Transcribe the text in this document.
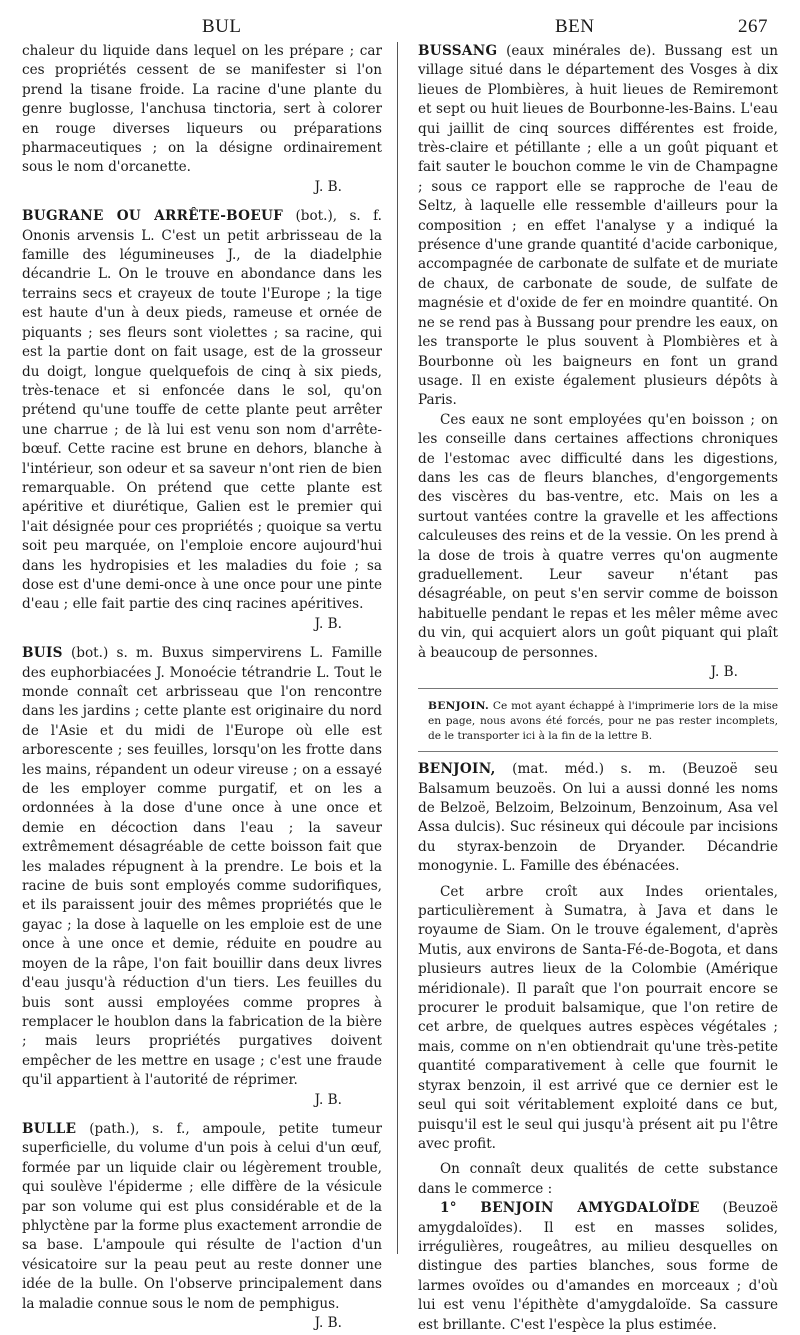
BUL	BEN	267

chaleur du liquide dans lequel on les prépare ; car ces propriétés cessent de se manifester si l'on prend la tisane froide. La racine d'une plante du genre buglosse, l'anchusa tinctoria, sert à colorer en rouge diverses liqueurs ou préparations pharmaceutiques ; on la désigne ordinairement sous le nom d'orcanette.
J. B.

BUGRANE OU ARRÊTE-BOEUF (bot.), s. f. Ononis arvensis L. C'est un petit arbrisseau de la famille des légumineuses J., de la diadelphie décandrie L. On le trouve en abondance dans les terrains secs et crayeux de toute l'Europe ; la tige est haute d'un à deux pieds, rameuse et ornée de piquants ; ses fleurs sont violettes ; sa racine, qui est la partie dont on fait usage, est de la grosseur du doigt, longue quelquefois de cinq à six pieds, très-tenace et si enfoncée dans le sol, qu'on prétend qu'une touffe de cette plante peut arrêter une charrue ; de là lui est venu son nom d'arrête-bœuf. Cette racine est brune en dehors, blanche à l'intérieur, son odeur et sa saveur n'ont rien de bien remarquable. On prétend que cette plante est apéritive et diurétique, Galien est le premier qui l'ait désignée pour ces propriétés ; quoique sa vertu soit peu marquée, on l'emploie encore aujourd'hui dans les hydropisies et les maladies du foie ; sa dose est d'une demi-once à une once pour une pinte d'eau ; elle fait partie des cinq racines apéritives.
J. B.

BUIS (bot.) s. m. Buxus simpervirens L. Famille des euphorbiacées J. Monoécie tétrandrie L. Tout le monde connaît cet arbrisseau que l'on rencontre dans les jardins ; cette plante est originaire du nord de l'Asie et du midi de l'Europe où elle est arborescente ; ses feuilles, lorsqu'on les frotte dans les mains, répandent un odeur vireuse ; on a essayé de les employer comme purgatif, et on les a ordonnées à la dose d'une once à une once et demie en décoction dans l'eau ; la saveur extrêmement désagréable de cette boisson fait que les malades répugnent à la prendre. Le bois et la racine de buis sont employés comme sudorifiques, et ils paraissent jouir des mêmes propriétés que le gayac ; la dose à laquelle on les emploie est de une once à une once et demie, réduite en poudre au moyen de la râpe, l'on fait bouillir dans deux livres d'eau jusqu'à réduction d'un tiers. Les feuilles du buis sont aussi employées comme propres à remplacer le houblon dans la fabrication de la bière ; mais leurs propriétés purgatives doivent empêcher de les mettre en usage ; c'est une fraude qu'il appartient à l'autorité de réprimer.
J. B.

BULLE (path.), s. f., ampoule, petite tumeur superficielle, du volume d'un pois à celui d'un œuf, formée par un liquide clair ou légèrement trouble, qui soulève l'épiderme ; elle diffère de la vésicule par son volume qui est plus considérable et de la phlyctène par la forme plus exactement arrondie de sa base. L'ampoule qui résulte de l'action d'un vésicatoire sur la peau peut au reste donner une idée de la bulle. On l'observe principalement dans la maladie connue sous le nom de pemphigus.
J. B.

BUSSANG (eaux minérales de). Bussang est un village situé dans le département des Vosges à dix lieues de Plombières, à huit lieues de Remiremont et sept ou huit lieues de Bourbonne-les-Bains. L'eau qui jaillit de cinq sources différentes est froide, très-claire et pétillante ; elle a un goût piquant et fait sauter le bouchon comme le vin de Champagne ; sous ce rapport elle se rapproche de l'eau de Seltz, à laquelle elle ressemble d'ailleurs pour la composition ; en effet l'analyse y a indiqué la présence d'une grande quantité d'acide carbonique, accompagnée de carbonate de sulfate et de muriate de chaux, de carbonate de soude, de sulfate de magnésie et d'oxide de fer en moindre quantité. On ne se rend pas à Bussang pour prendre les eaux, on les transporte le plus souvent à Plombières et à Bourbonne où les baigneurs en font un grand usage. Il en existe également plusieurs dépôts à Paris.

Ces eaux ne sont employées qu'en boisson ; on les conseille dans certaines affections chroniques de l'estomac avec difficulté dans les digestions, dans les cas de fleurs blanches, d'engorgements des viscères du bas-ventre, etc. Mais on les a surtout vantées contre la gravelle et les affections calculeuses des reins et de la vessie. On les prend à la dose de trois à quatre verres qu'on augmente graduellement. Leur saveur n'étant pas désagréable, on peut s'en servir comme de boisson habituelle pendant le repas et les mêler même avec du vin, qui acquiert alors un goût piquant qui plaît à beaucoup de personnes.
J. B.

BENJOIN. Ce mot ayant échappé à l'imprimerie lors de la mise en page, nous avons été forcés, pour ne pas rester incomplets, de le transporter ici à la fin de la lettre B.

BENJOIN, (mat. méd.) s. m. (Beuzoë seu Balsamum beuzoës. On lui a aussi donné les noms de Belzoë, Belzoim, Belzoinum, Benzoinum, Asa vel Assa dulcis). Suc résineux qui découle par incisions du styrax-benzoin de Dryander. Décandrie monogynie. L. Famille des ébénacées.

Cet arbre croît aux Indes orientales, particulièrement à Sumatra, à Java et dans le royaume de Siam. On le trouve également, d'après Mutis, aux environs de Santa-Fé-de-Bogota, et dans plusieurs autres lieux de la Colombie (Amérique méridionale). Il paraît que l'on pourrait encore se procurer le produit balsamique, que l'on retire de cet arbre, de quelques autres espèces végétales ; mais, comme on n'en obtiendrait qu'une très-petite quantité comparativement à celle que fournit le styrax benzoin, il est arrivé que ce dernier est le seul qui soit véritablement exploité dans ce but, puisqu'il est le seul qui jusqu'à présent ait pu l'être avec profit.

On connaît deux qualités de cette substance dans le commerce :

1° BENJOIN AMYGDALOÏDE (Beuzoë amygdaloïdes). Il est en masses solides, irrégulières, rougeâtres, au milieu desquelles on distingue des parties blanches, sous forme de larmes ovoïdes ou d'amandes en morceaux ; d'où lui est venu l'épithète d'amygdaloïde. Sa cassure est brillante. C'est l'espèce la plus estimée.
